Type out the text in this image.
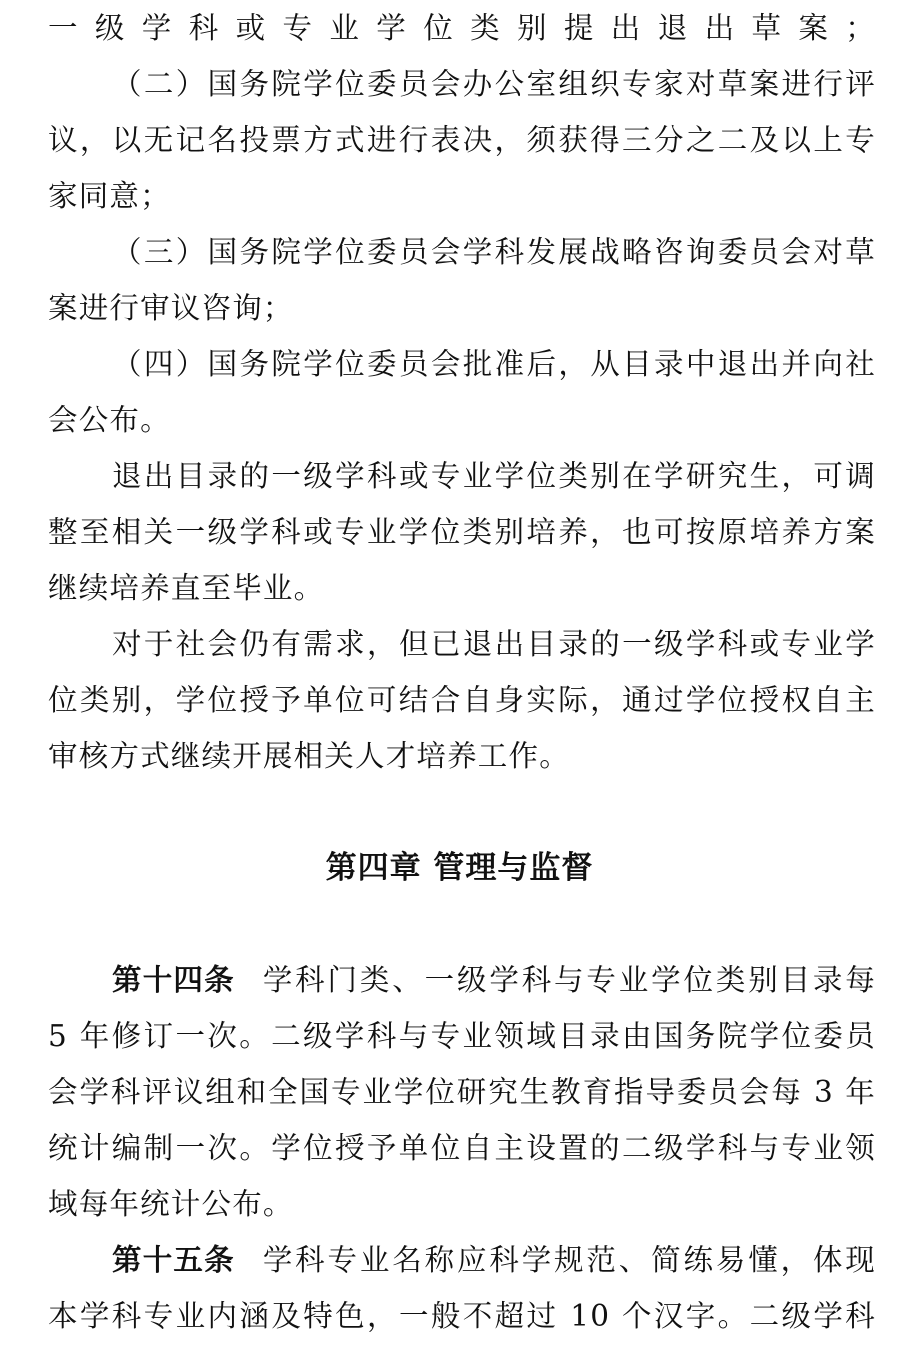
一级学科或专业学位类别提出退出草案；
（二）国务院学位委员会办公室组织专家对草案进行评
议，以无记名投票方式进行表决，须获得三分之二及以上专
家同意；
（三）国务院学位委员会学科发展战略咨询委员会对草
案进行审议咨询；
（四）国务院学位委员会批准后，从目录中退出并向社
会公布。
退出目录的一级学科或专业学位类别在学研究生，可调
整至相关一级学科或专业学位类别培养，也可按原培养方案
继续培养直至毕业。
对于社会仍有需求，但已退出目录的一级学科或专业学
位类别，学位授予单位可结合自身实际，通过学位授权自主
审核方式继续开展相关人才培养工作。
第四章 管理与监督
第十四条 学科门类、一级学科与专业学位类别目录每
5 年修订一次。二级学科与专业领域目录由国务院学位委员
会学科评议组和全国专业学位研究生教育指导委员会每 3 年
统计编制一次。学位授予单位自主设置的二级学科与专业领
域每年统计公布。
第十五条 学科专业名称应科学规范、简练易懂，体现
本学科专业内涵及特色，一般不超过 10 个汉字。二级学科
